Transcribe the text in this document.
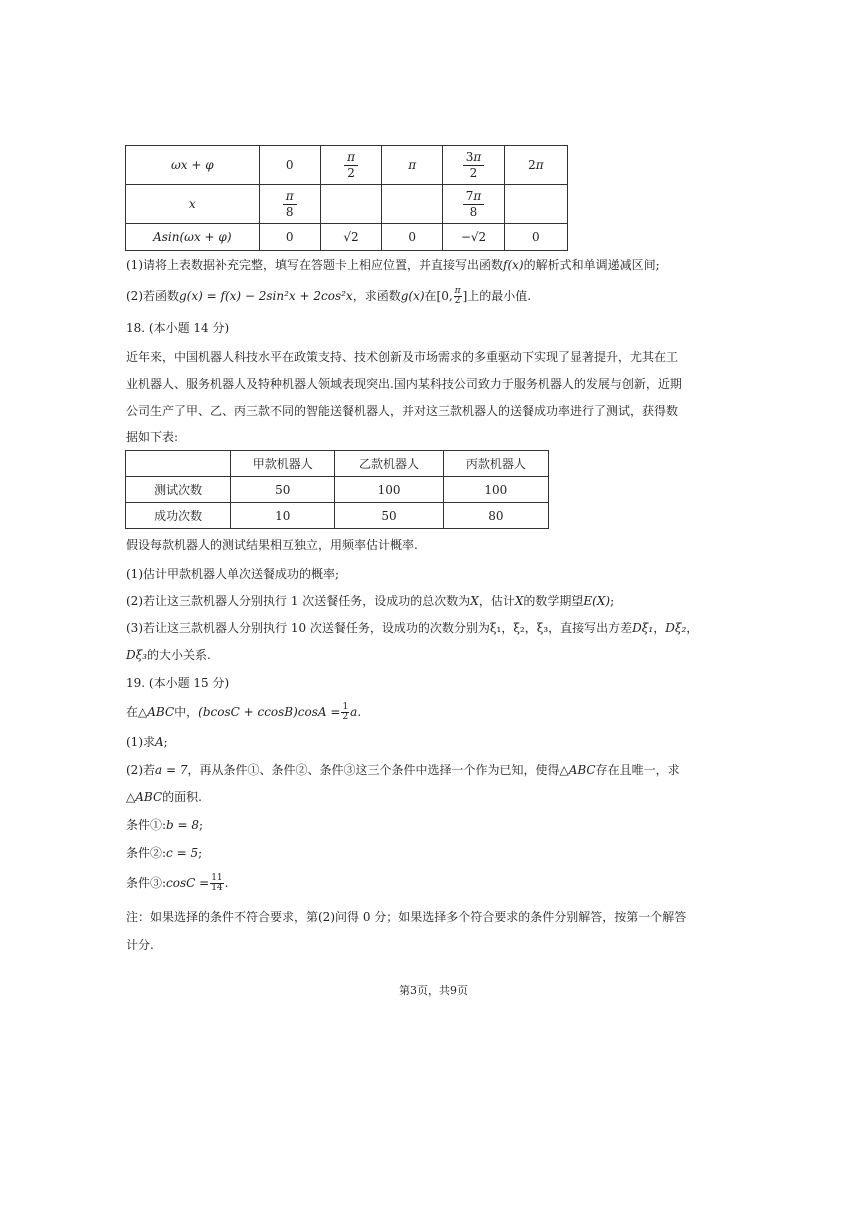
ωx + φ	0	$\frac{\pi}{2}$	π	$\frac{3\pi}{2}$	2π
x	$\frac{\pi}{8}$			$\frac{7\pi}{8}$

Asin(ωx + φ)	0	√2	0	−√2	0
(1)请将上表数据补充完整，填写在答题卡上相应位置，并直接写出函数f(x)的解析式和单调递减区间;
(2)若函数g(x) = f(x) − 2sin²x + 2cos²x，求函数g(x)在[0, $\frac{\pi}{2}$ ]上的最小值.
18. (本小题 14 分)
近年来，中国机器人科技水平在政策支持、技术创新及市场需求的多重驱动下实现了显著提升，尤其在工
业机器人、服务机器人及特种机器人领域表现突出.国内某科技公司致力于服务机器人的发展与创新，近期
公司生产了甲、乙、丙三款不同的智能送餐机器人，并对这三款机器人的送餐成功率进行了测试，获得数
据如下表:
	甲款机器人	乙款机器人	丙款机器人
测试次数	50	100	100
成功次数	10	50	80
假设每款机器人的测试结果相互独立，用频率估计概率.
(1)估计甲款机器人单次送餐成功的概率;
(2)若让这三款机器人分别执行 1 次送餐任务，设成功的总次数为X，估计X的数学期望E(X);
(3)若让这三款机器人分别执行 10 次送餐任务，设成功的次数分别为ξ₁，ξ₂，ξ₃，直接写出方差Dξ₁，Dξ₂，
Dξ₃的大小关系.
19. (本小题 15 分)
在△ABC中，$(bcosC + ccosB)\cos A = \frac{1}{2} a$.
(1)求A;
(2)若a = 7，再从条件①、条件②、条件③这三个条件中选择一个作为已知，使得△ABC存在且唯一，求
△ABC的面积.
条件①:b = 8;
条件②:c = 5;
条件③:cosC = $\frac{11}{14}$ .
注：如果选择的条件不符合要求，第(2)问得 0 分；如果选择多个符合要求的条件分别解答，按第一个解答
计分.
第3页，共9页
